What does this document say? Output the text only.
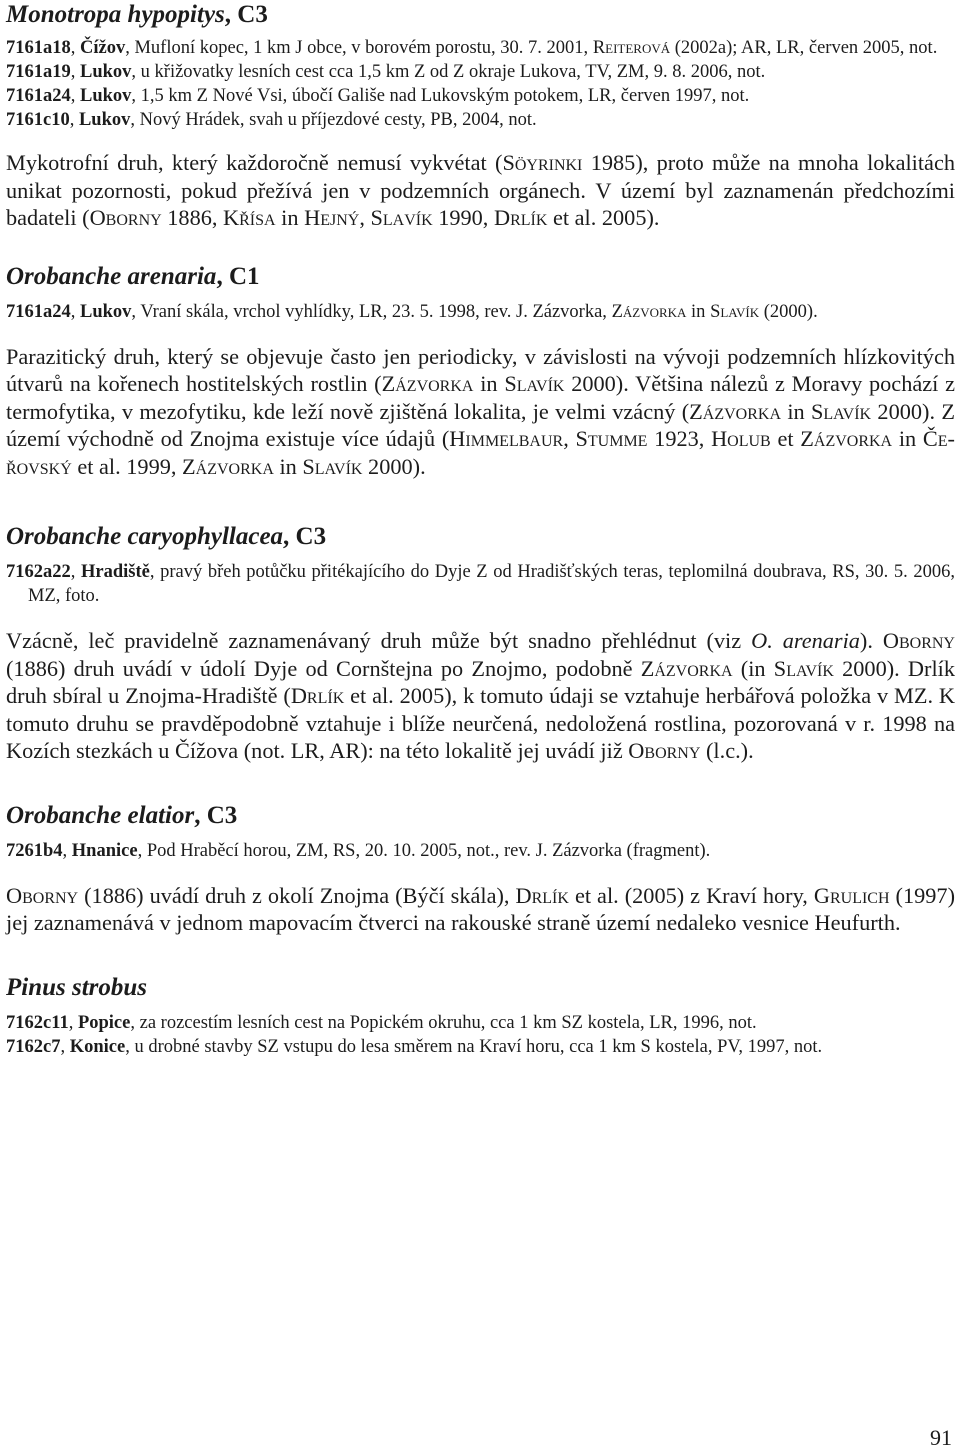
Monotropa hypopitys, C3

7161a18, Čížov, Mufloní kopec, 1 km J obce, v borovém porostu, 30. 7. 2001, Reiterová (2002a); AR, LR, červen 2005, not.

7161a19, Lukov, u křižovatky lesních cest cca 1,5 km Z od Z okraje Lukova, TV, ZM, 9. 8. 2006, not.

7161a24, Lukov, 1,5 km Z Nové Vsi, úbočí Gališe nad Lukovským potokem, LR, červen 1997, not.

7161c10, Lukov, Nový Hrádek, svah u příjezdové cesty, PB, 2004, not.

Mykotrofní druh, který každoročně nemusí vykvétat (Söyrinki 1985), proto může na mnoha lokalitách unikat pozornosti, pokud přežívá jen v podzemních orgánech. V území byl zaznamenán předchozími badateli (Oborny 1886, Křísa in Hejný, Slavík 1990, Drlík et al. 2005).

Orobanche arenaria, C1

7161a24, Lukov, Vraní skála, vrchol vyhlídky, LR, 23. 5. 1998, rev. J. Zázvorka, Zázvorka in Slavík (2000).

Parazitický druh, který se objevuje často jen periodicky, v závislosti na vývoji podzemních hlízkovitých útvarů na kořenech hostitelských rostlin (Zázvorka in Slavík 2000). Většina nálezů z Moravy pochází z termofytika, v mezofytiku, kde leží nově zjištěná lokalita, je velmi vzácný (Zázvorka in Slavík 2000). Z území východně od Znojma existuje více údajů (Himmelbaur, Stumme 1923, Holub et Zázvorka in Čeřovský et al. 1999, Zázvorka in Slavík 2000).

Orobanche caryophyllacea, C3

7162a22, Hradiště, pravý břeh potůčku přitékajícího do Dyje Z od Hradišťských teras, teplomilná doubrava, RS, 30. 5. 2006, MZ, foto.

Vzácně, leč pravidelně zaznamenávaný druh může být snadno přehlédnut (viz O. arenaria). Oborny (1886) druh uvádí v údolí Dyje od Cornštejna po Znojmo, podobně Zázvorka (in Slavík 2000). Drlík druh sbíral u Znojma-Hradiště (Drlík et al. 2005), k tomuto údaji se vztahuje herbářová položka v MZ. K tomuto druhu se pravděpodobně vztahuje i blíže neurčená, nedoložená rostlina, pozorovaná v r. 1998 na Kozích stezkách u Čížova (not. LR, AR): na této lokalitě jej uvádí již Oborny (l.c.).

Orobanche elatior, C3

7261b4, Hnanice, Pod Hraběcí horou, ZM, RS, 20. 10. 2005, not., rev. J. Zázvorka (fragment).

Oborny (1886) uvádí druh z okolí Znojma (Býčí skála), Drlík et al. (2005) z Kraví hory, Grulich (1997) jej zaznamenává v jednom mapovacím čtverci na rakouské straně území nedaleko vesnice Heufurth.

Pinus strobus

7162c11, Popice, za rozcestím lesních cest na Popickém okruhu, cca 1 km SZ kostela, LR, 1996, not.

7162c7, Konice, u drobné stavby SZ vstupu do lesa směrem na Kraví horu, cca 1 km S kostela, PV, 1997, not.

91
